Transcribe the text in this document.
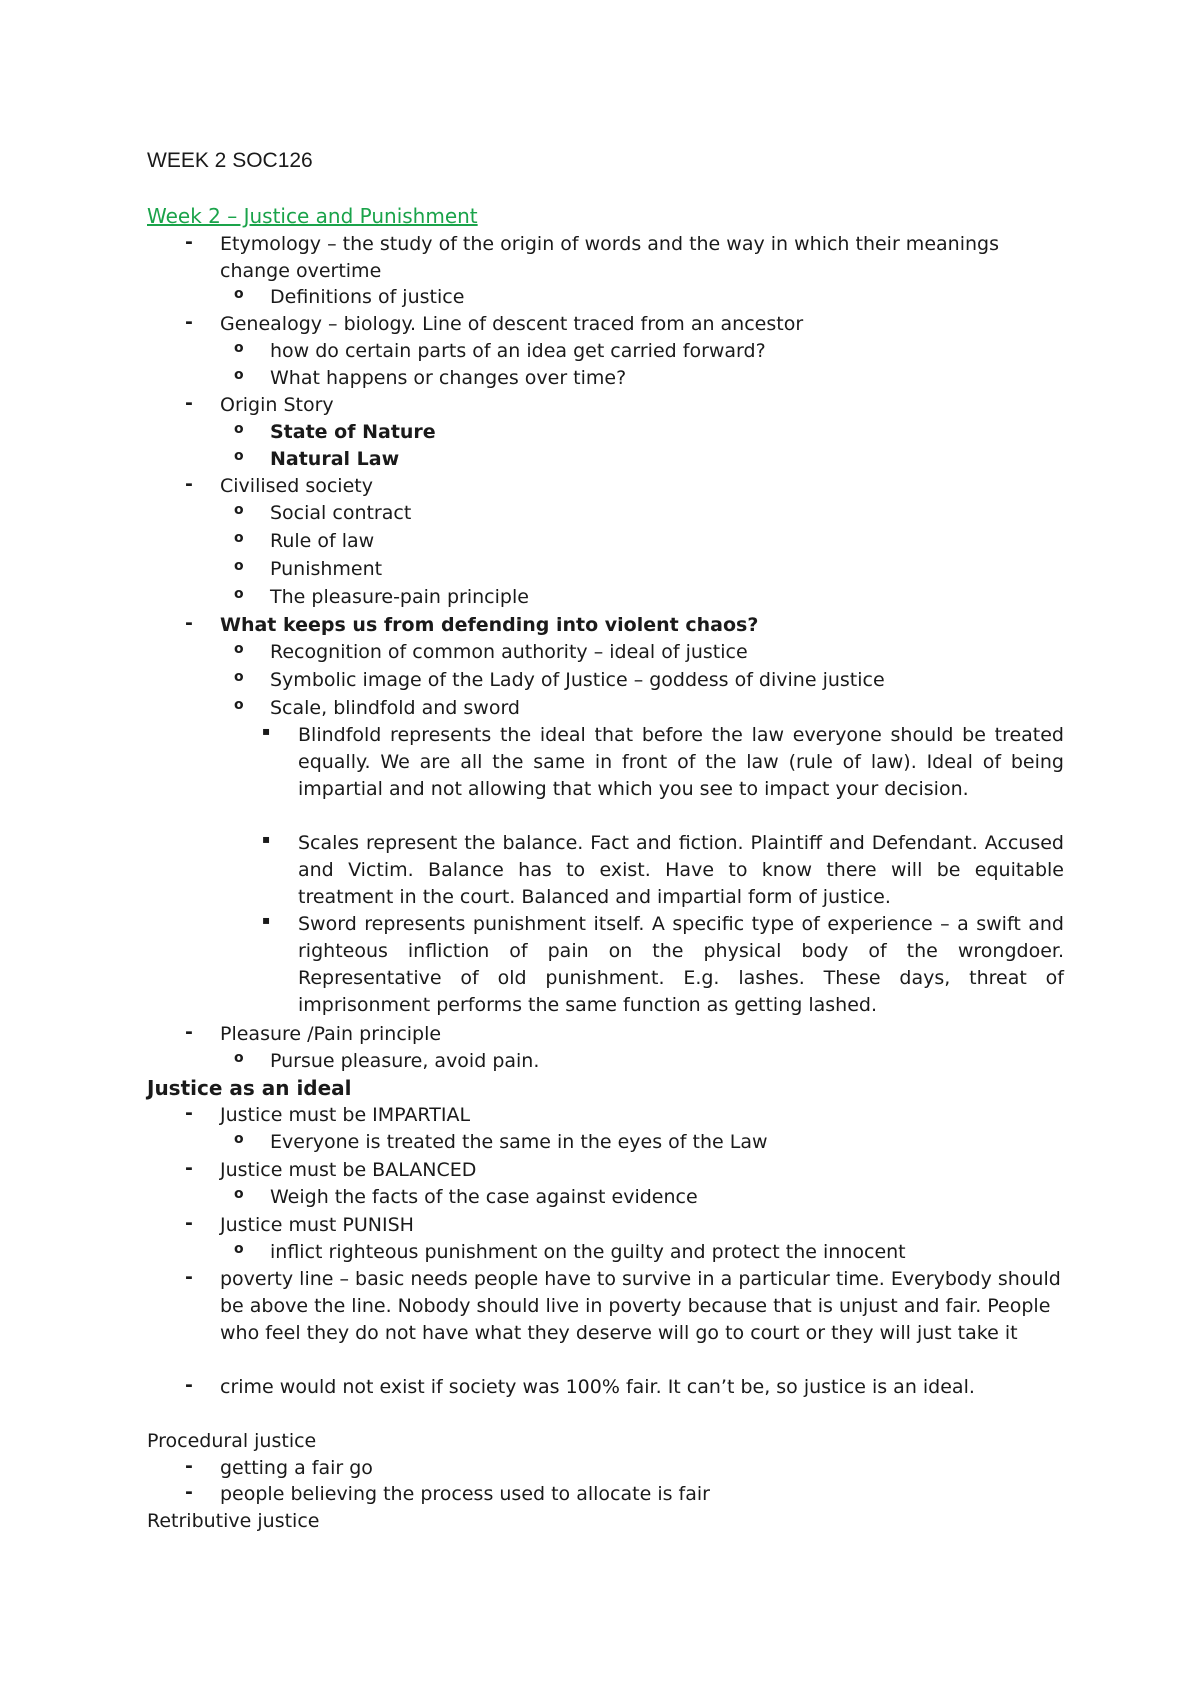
WEEK 2 SOC126
Week 2 – Justice and Punishment
-	Etymology – the study of the origin of words and the way in which their meanings
change overtime
o Definitions of justice
-	Genealogy – biology. Line of descent traced from an ancestor
o how do certain parts of an idea get carried forward?
o What happens or changes over time?
-	Origin Story
o State of Nature
o Natural Law
-	Civilised society
o Social contract
o Rule of law
o Punishment
o The pleasure-pain principle
-	What keeps us from defending into violent chaos?
o Recognition of common authority – ideal of justice
o Symbolic image of the Lady of Justice – goddess of divine justice
o Scale, blindfold and sword
▪ Blindfold represents the ideal that before the law everyone should be treated equally. We are all the same in front of the law (rule of law). Ideal of being impartial and not allowing that which you see to impact your decision.
▪ Scales represent the balance. Fact and fiction. Plaintiff and Defendant. Accused and Victim. Balance has to exist. Have to know there will be equitable treatment in the court. Balanced and impartial form of justice.
▪ Sword represents punishment itself. A specific type of experience – a swift and righteous infliction of pain on the physical body of the wrongdoer. Representative of old punishment. E.g. lashes. These days, threat of imprisonment performs the same function as getting lashed.
-	Pleasure /Pain principle
o Pursue pleasure, avoid pain.
Justice as an ideal
-	Justice must be IMPARTIAL
o Everyone is treated the same in the eyes of the Law
-	Justice must be BALANCED
o Weigh the facts of the case against evidence
-	Justice must PUNISH
o inflict righteous punishment on the guilty and protect the innocent
-	poverty line – basic needs people have to survive in a particular time. Everybody should be above the line. Nobody should live in poverty because that is unjust and fair. People who feel they do not have what they deserve will go to court or they will just take it
-	crime would not exist if society was 100% fair. It can’t be, so justice is an ideal.
Procedural justice
-	getting a fair go
-	people believing the process used to allocate is fair
Retributive justice
